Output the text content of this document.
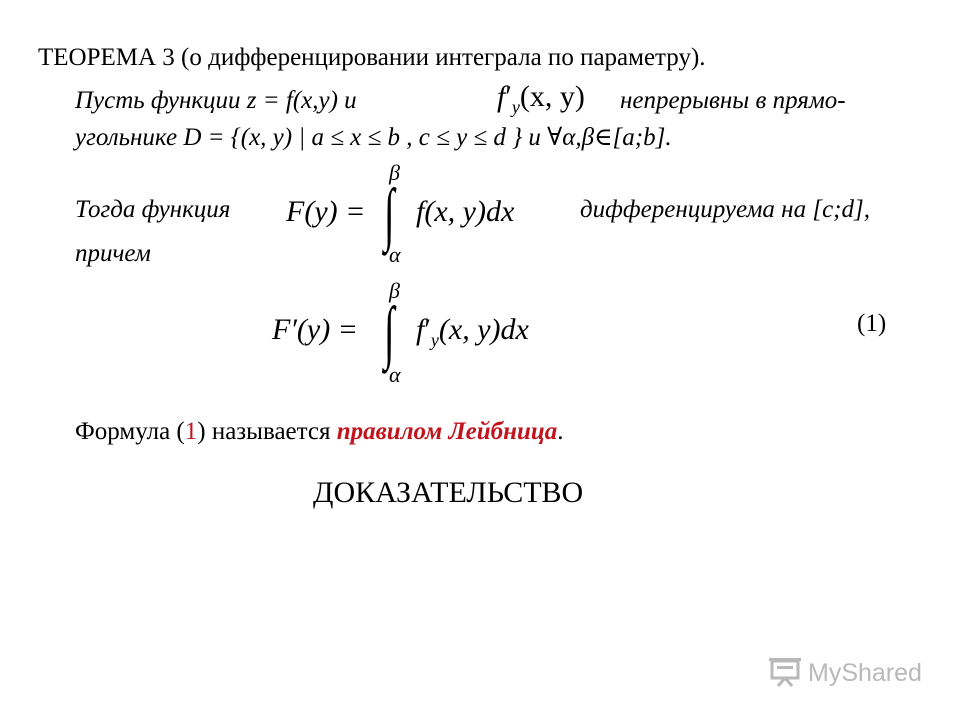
ТЕОРЕМА 3 (о дифференцировании интеграла по параметру).
Пусть функции z = f(x,y) и	$f'_y(x$, y) непрерывны в прямо-
угольнике D = {(x, y) | a ≤ x ≤ b , c ≤ y ≤ d } и ∀α,β∈[a;b].
Тогда функция F(y) =
β
∫
α
f(x, y)dx	дифференцируема на [c;d],
причем
F′(y) =
β
∫
α
$f'_y(x$, y)dx	(1)
Формула (1) называется правилом Лейбница.
ДОКАЗАТЕЛЬСТВО
MyShared
